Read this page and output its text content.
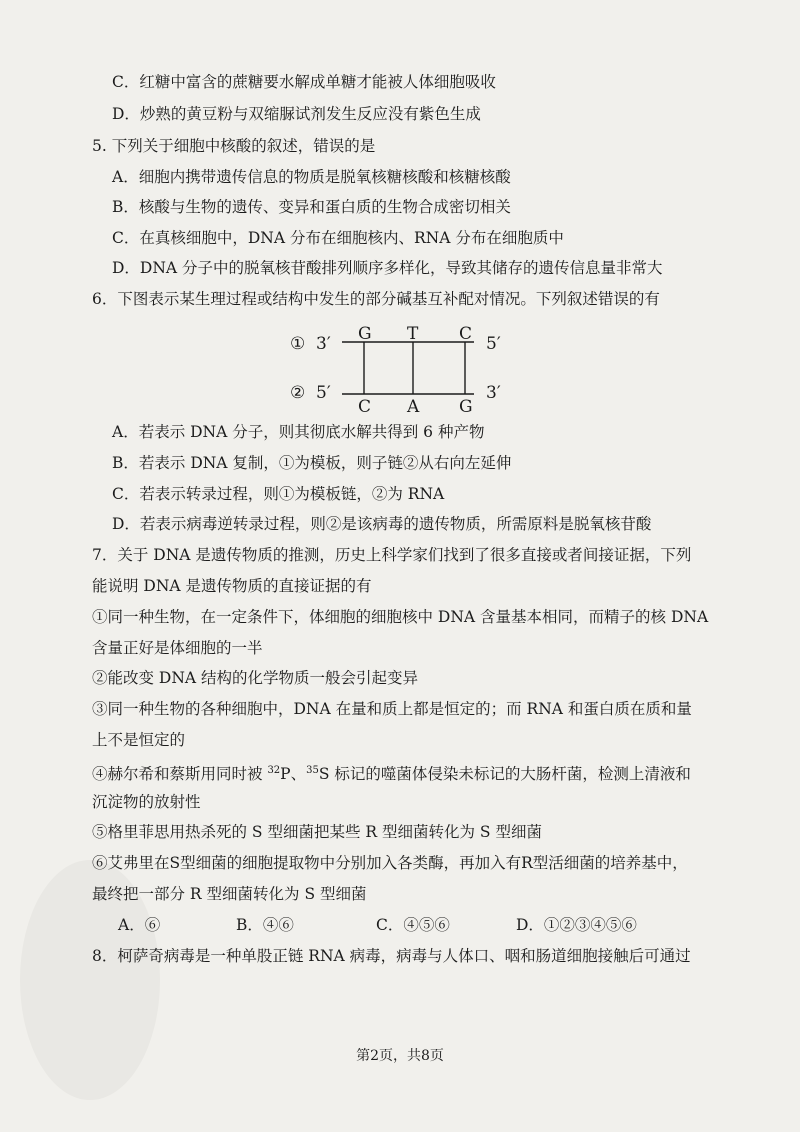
C．红糖中富含的蔗糖要水解成单糖才能被人体细胞吸收
D．炒熟的黄豆粉与双缩脲试剂发生反应没有紫色生成
5. 下列关于细胞中核酸的叙述，错误的是
A．细胞内携带遗传信息的物质是脱氧核糖核酸和核糖核酸
B．核酸与生物的遗传、变异和蛋白质的生物合成密切相关
C．在真核细胞中，DNA 分布在细胞核内、RNA 分布在细胞质中
D．DNA 分子中的脱氧核苷酸排列顺序多样化，导致其储存的遗传信息量非常大
6．下图表示某生理过程或结构中发生的部分碱基互补配对情况。下列叙述错误的有
① 3′	5′
G T C
② 5′	3′
C A G
A．若表示 DNA 分子，则其彻底水解共得到 6 种产物
B．若表示 DNA 复制，①为模板，则子链②从右向左延伸
C．若表示转录过程，则①为模板链，②为 RNA
D．若表示病毒逆转录过程，则②是该病毒的遗传物质，所需原料是脱氧核苷酸
7．关于 DNA 是遗传物质的推测，历史上科学家们找到了很多直接或者间接证据，下列
能说明 DNA 是遗传物质的直接证据的有
①同一种生物，在一定条件下，体细胞的细胞核中 DNA 含量基本相同，而精子的核 DNA
含量正好是体细胞的一半
②能改变 DNA 结构的化学物质一般会引起变异
③同一种生物的各种细胞中，DNA 在量和质上都是恒定的；而 RNA 和蛋白质在质和量
上不是恒定的
④赫尔希和蔡斯用同时被 $^{32}$P、$^{35}$S 标记的噬菌体侵染未标记的大肠杆菌，检测上清液和
沉淀物的放射性
⑤格里菲思用热杀死的 S 型细菌把某些 R 型细菌转化为 S 型细菌
⑥艾弗里在S型细菌的细胞提取物中分别加入各类酶，再加入有R型活细菌的培养基中，
最终把一部分 R 型细菌转化为 S 型细菌
A．⑥	B．④⑥	C．④⑤⑥	D．①②③④⑤⑥
8．柯萨奇病毒是一种单股正链 RNA 病毒，病毒与人体口、咽和肠道细胞接触后可通过
第2页，共8页
